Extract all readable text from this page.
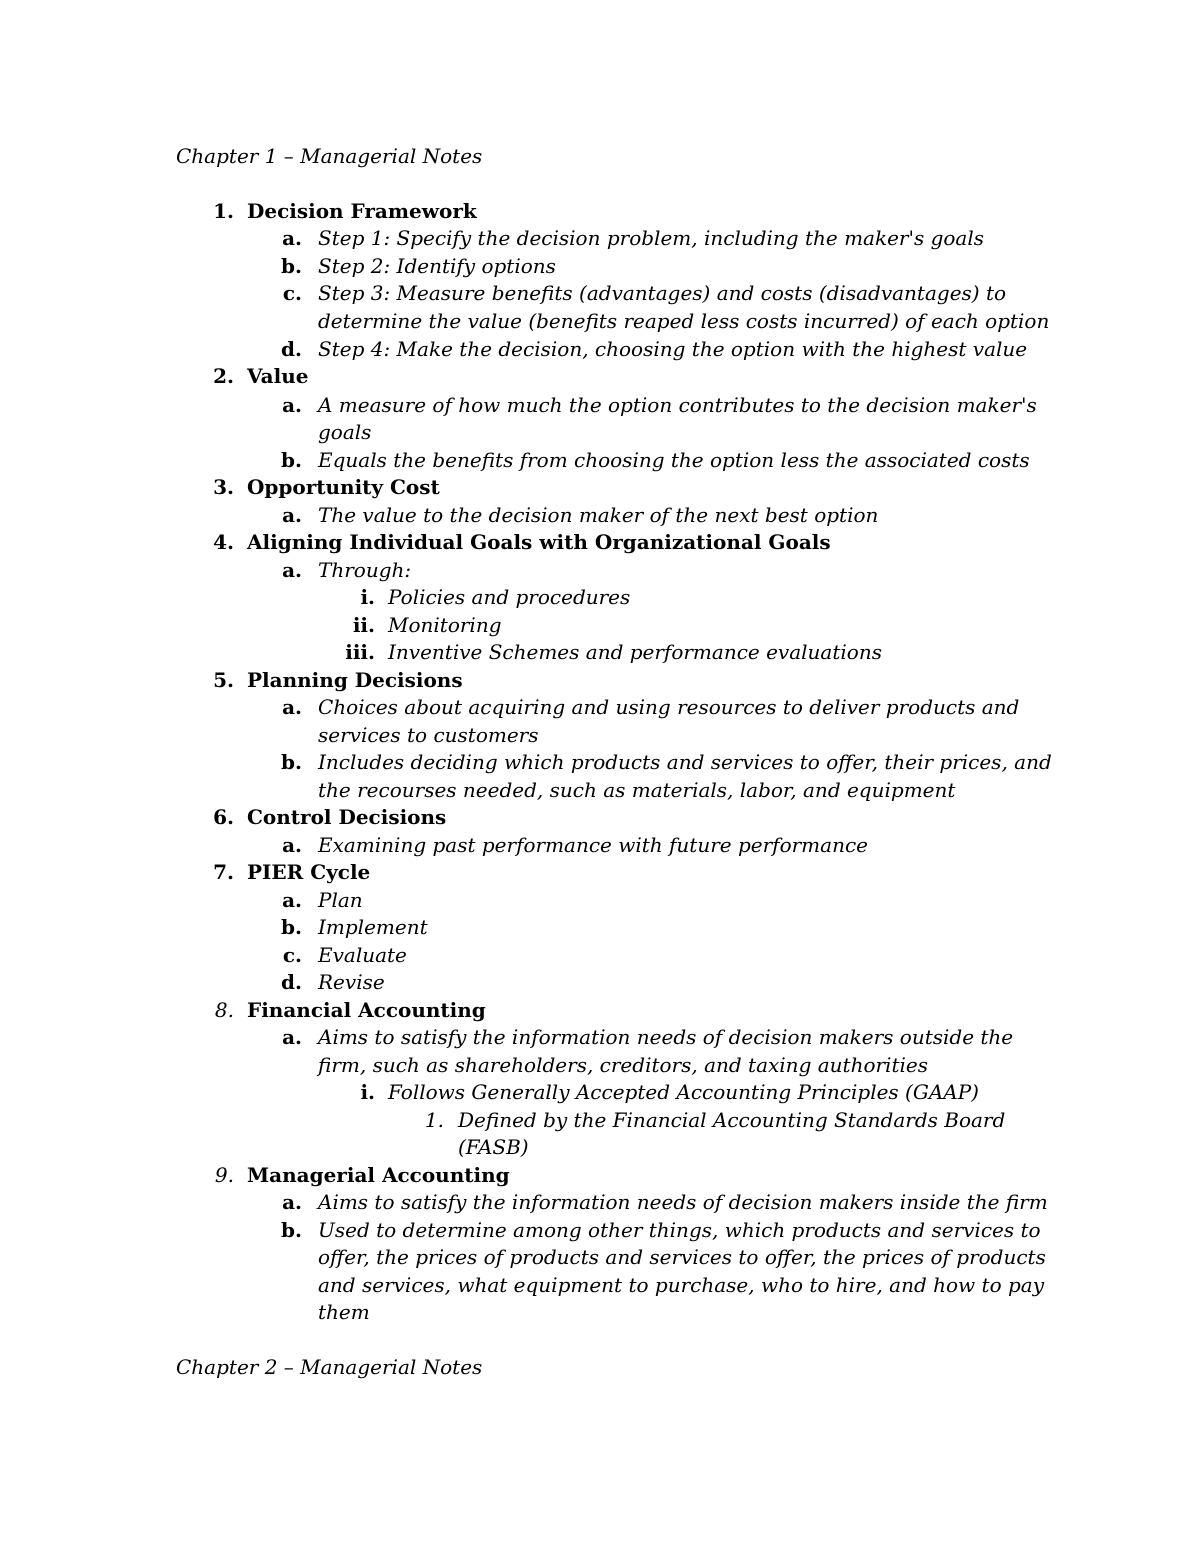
Chapter 1 – Managerial Notes
1. Decision Framework
a. Step 1: Specify the decision problem, including the maker's goals
b. Step 2: Identify options
c. Step 3: Measure benefits (advantages) and costs (disadvantages) to
determine the value (benefits reaped less costs incurred) of each option
d. Step 4: Make the decision, choosing the option with the highest value
2. Value
a. A measure of how much the option contributes to the decision maker's
goals
b. Equals the benefits from choosing the option less the associated costs
3. Opportunity Cost
a. The value to the decision maker of the next best option
4. Aligning Individual Goals with Organizational Goals
a. Through:
i. Policies and procedures
ii. Monitoring
iii. Inventive Schemes and performance evaluations
5. Planning Decisions
a. Choices about acquiring and using resources to deliver products and
services to customers
b. Includes deciding which products and services to offer, their prices, and
the recourses needed, such as materials, labor, and equipment
6. Control Decisions
a. Examining past performance with future performance
7. PIER Cycle
a. Plan
b. Implement
c. Evaluate
d. Revise
8. Financial Accounting
a. Aims to satisfy the information needs of decision makers outside the
firm, such as shareholders, creditors, and taxing authorities
i. Follows Generally Accepted Accounting Principles (GAAP)
1. Defined by the Financial Accounting Standards Board
(FASB)
9. Managerial Accounting
a. Aims to satisfy the information needs of decision makers inside the firm
b. Used to determine among other things, which products and services to
offer, the prices of products and services to offer, the prices of products
and services, what equipment to purchase, who to hire, and how to pay
them
Chapter 2 – Managerial Notes
